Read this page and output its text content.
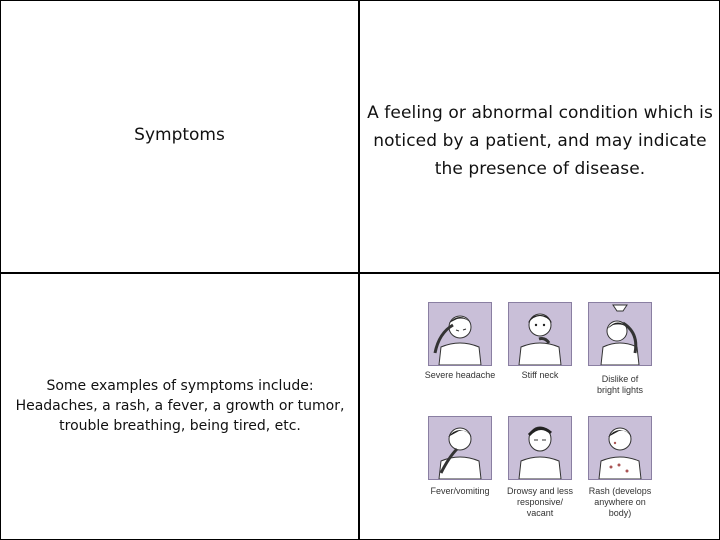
Symptoms
A feeling or abnormal condition which is noticed by a patient, and may indicate the presence of disease.
Some examples of symptoms include:
Headaches, a rash, a fever, a growth or tumor,
trouble breathing, being tired, etc.
Severe headache	Stiff neck	Dislike of
bright lights
Fever/vomiting	Drowsy and less
responsive/
vacant
Rash (develops
anywhere on
body)
